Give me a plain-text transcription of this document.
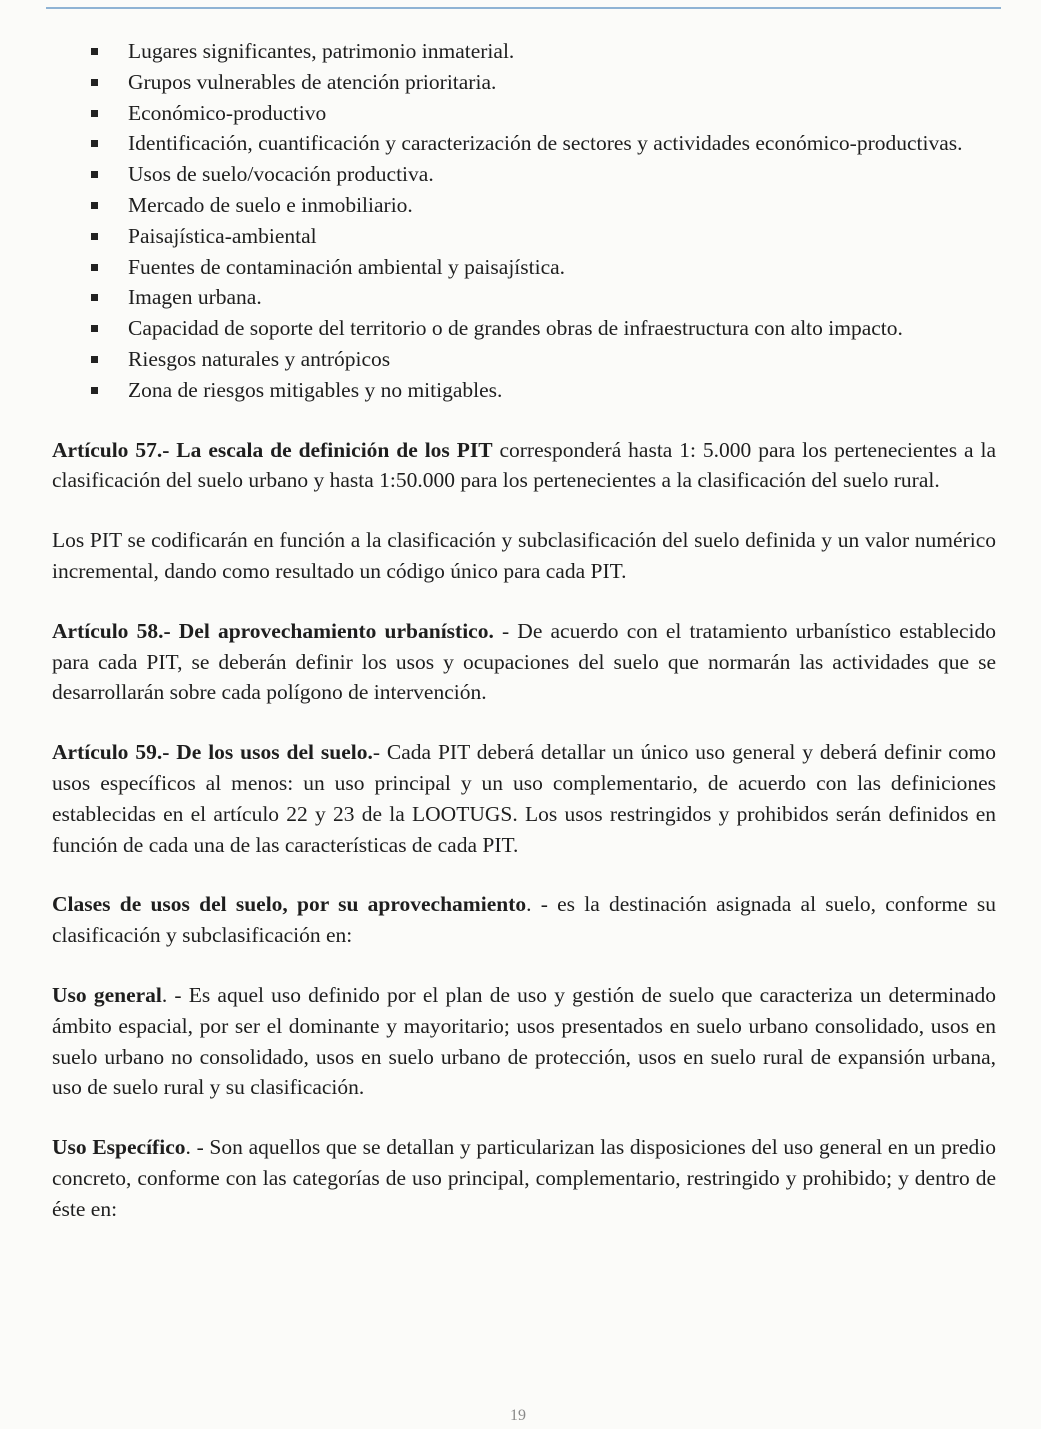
Lugares significantes, patrimonio inmaterial.
Grupos vulnerables de atención prioritaria.
Económico-productivo
Identificación, cuantificación y caracterización de sectores y actividades económico-productivas.
Usos de suelo/vocación productiva.
Mercado de suelo e inmobiliario.
Paisajística-ambiental
Fuentes de contaminación ambiental y paisajística.
Imagen urbana.
Capacidad de soporte del territorio o de grandes obras de infraestructura con alto impacto.
Riesgos naturales y antrópicos
Zona de riesgos mitigables y no mitigables.

Artículo 57.- La escala de definición de los PIT corresponderá hasta 1: 5.000 para los pertenecientes a la clasificación del suelo urbano y hasta 1:50.000 para los pertenecientes a la clasificación del suelo rural.

Los PIT se codificarán en función a la clasificación y subclasificación del suelo definida y un valor numérico incremental, dando como resultado un código único para cada PIT.

Artículo 58.- Del aprovechamiento urbanístico. - De acuerdo con el tratamiento urbanístico establecido para cada PIT, se deberán definir los usos y ocupaciones del suelo que normarán las actividades que se desarrollarán sobre cada polígono de intervención.

Artículo 59.- De los usos del suelo.- Cada PIT deberá detallar un único uso general y deberá definir como usos específicos al menos: un uso principal y un uso complementario, de acuerdo con las definiciones establecidas en el artículo 22 y 23 de la LOOTUGS. Los usos restringidos y prohibidos serán definidos en función de cada una de las características de cada PIT.

Clases de usos del suelo, por su aprovechamiento. - es la destinación asignada al suelo, conforme su clasificación y subclasificación en:

Uso general. - Es aquel uso definido por el plan de uso y gestión de suelo que caracteriza un determinado ámbito espacial, por ser el dominante y mayoritario; usos presentados en suelo urbano consolidado, usos en suelo urbano no consolidado, usos en suelo urbano de protección, usos en suelo rural de expansión urbana, uso de suelo rural y su clasificación.

Uso Específico. - Son aquellos que se detallan y particularizan las disposiciones del uso general en un predio concreto, conforme con las categorías de uso principal, complementario, restringido y prohibido; y dentro de éste en:

19
